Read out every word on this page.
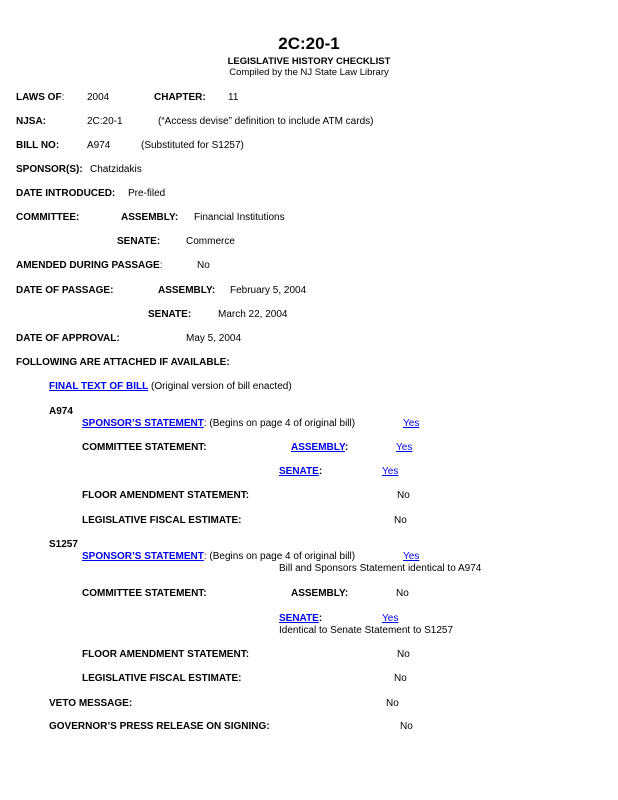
2C:20-1
LEGISLATIVE HISTORY CHECKLIST
Compiled by the NJ State Law Library
LAWS OF: 2004	CHAPTER: 11
NJSA:	2C:20-1	(“Access devise” definition to include ATM cards)
BILL NO:	A974	(Substituted for S1257)
SPONSOR(S): Chatzidakis
DATE INTRODUCED: Pre-filed
COMMITTEE:	ASSEMBLY: Financial Institutions
SENATE:	Commerce
AMENDED DURING PASSAGE:	No
DATE OF PASSAGE:	ASSEMBLY: February 5, 2004
SENATE:	March 22, 2004
DATE OF APPROVAL:	May 5, 2004
FOLLOWING ARE ATTACHED IF AVAILABLE:
FINAL TEXT OF BILL (Original version of bill enacted)
A974
SPONSOR’S STATEMENT: (Begins on page 4 of original bill)	Yes
COMMITTEE STATEMENT:	ASSEMBLY:	Yes
SENATE:	Yes
FLOOR AMENDMENT STATEMENT:	No
LEGISLATIVE FISCAL ESTIMATE:	No
S1257
SPONSOR’S STATEMENT: (Begins on page 4 of original bill)	Yes
Bill and Sponsors Statement identical to A974
COMMITTEE STATEMENT:	ASSEMBLY:	No
SENATE:	Yes
Identical to Senate Statement to S1257
FLOOR AMENDMENT STATEMENT:	No
LEGISLATIVE FISCAL ESTIMATE:	No
VETO MESSAGE:	No
GOVERNOR’S PRESS RELEASE ON SIGNING:	No
